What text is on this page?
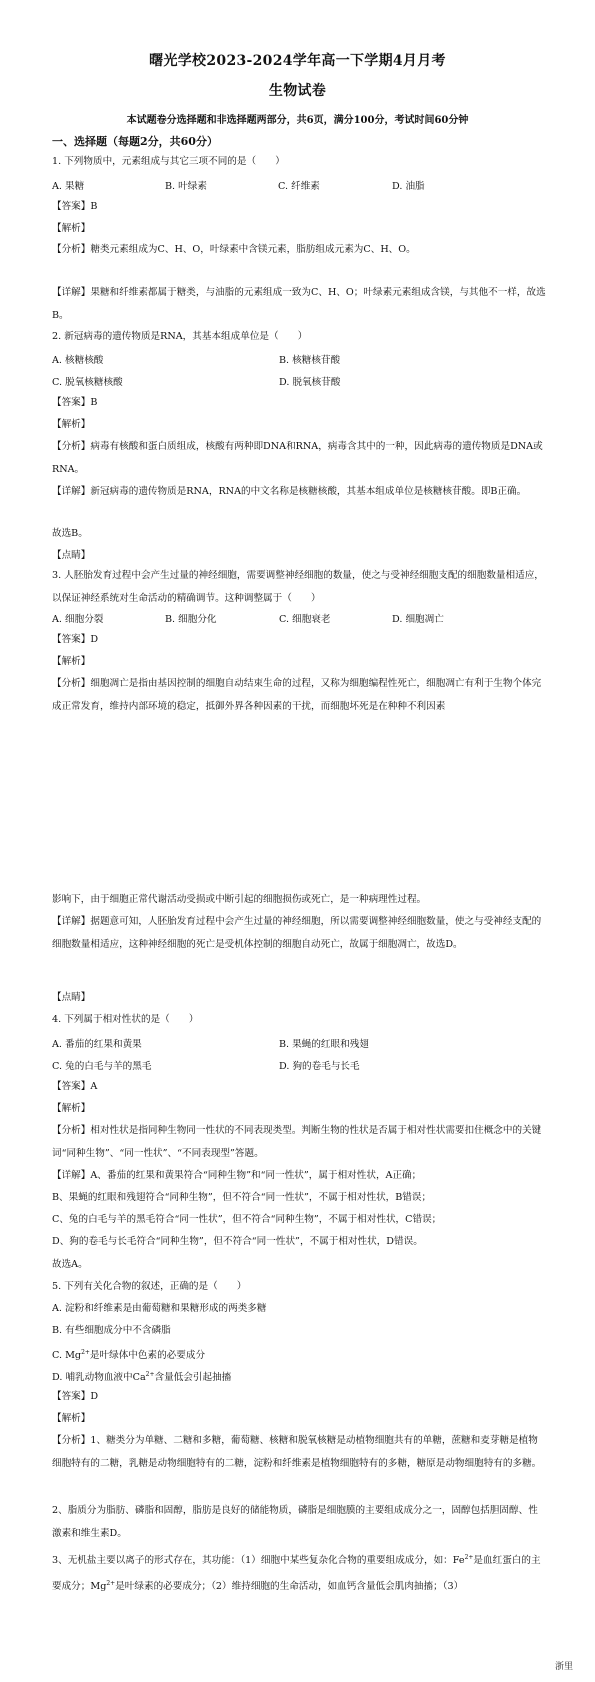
曙光学校2023-2024学年高一下学期4月月考
生物试卷
本试题卷分选择题和非选择题两部分，共6页，满分100分，考试时间60分钟
一、选择题（每题2分，共60分）
1. 下列物质中，元素组成与其它三项不同的是（　　）
A. 果糖	B. 叶绿素	C. 纤维素	D. 油脂
【答案】B
【解析】
【分析】糖类元素组成为C、H、O，叶绿素中含镁元素，脂肪组成元素为C、H、O。
【详解】果糖和纤维素都属于糖类，与油脂的元素组成一致为C、H、O；叶绿素元素组成含镁，与其他不一样，故选B。
2. 新冠病毒的遗传物质是RNA，其基本组成单位是（　　）
A. 核糖核酸	B. 核糖核苷酸
C. 脱氧核糖核酸	D. 脱氧核苷酸
【答案】B
【解析】
【分析】病毒有核酸和蛋白质组成，核酸有两种即DNA和RNA，病毒含其中的一种，因此病毒的遗传物质是DNA或RNA。
【详解】新冠病毒的遗传物质是RNA，RNA的中文名称是核糖核酸，其基本组成单位是核糖核苷酸。即B正确。
故选B。
【点睛】
3. 人胚胎发育过程中会产生过量的神经细胞，需要调整神经细胞的数量，使之与受神经细胞支配的细胞数量相适应，以保证神经系统对生命活动的精确调节。这种调整属于（　　）
A. 细胞分裂	B. 细胞分化	C. 细胞衰老	D. 细胞凋亡
【答案】D
【解析】
【分析】细胞凋亡是指由基因控制的细胞自动结束生命的过程，又称为细胞编程性死亡，细胞凋亡有利于生物个体完成正常发育，维持内部环境的稳定，抵御外界各种因素的干扰，而细胞坏死是在种种不利因素
影响下，由于细胞正常代谢活动受损或中断引起的细胞损伤或死亡，是一种病理性过程。
【详解】据题意可知，人胚胎发育过程中会产生过量的神经细胞，所以需要调整神经细胞数量，使之与受神经支配的细胞数量相适应，这种神经细胞的死亡是受机体控制的细胞自动死亡，故属于细胞凋亡，故选D。
【点睛】
4. 下列属于相对性状的是（　　）
A. 番茄的红果和黄果	B. 果蝇的红眼和残翅
C. 兔的白毛与羊的黑毛	D. 狗的卷毛与长毛
【答案】A
【解析】
【分析】相对性状是指同种生物同一性状的不同表现类型。判断生物的性状是否属于相对性状需要扣住概念中的关键词“同种生物”、“同一性状”、“不同表现型”答题。
【详解】A、番茄的红果和黄果符合“同种生物”和“同一性状”，属于相对性状，A正确；
B、果蝇的红眼和残翅符合“同种生物”，但不符合“同一性状”，不属于相对性状，B错误；
C、兔的白毛与羊的黑毛符合“同一性状”，但不符合“同种生物”，不属于相对性状，C错误；
D、狗的卷毛与长毛符合“同种生物”，但不符合“同一性状”，不属于相对性状，D错误。
故选A。
5. 下列有关化合物的叙述，正确的是（　　）
A. 淀粉和纤维素是由葡萄糖和果糖形成的两类多糖
B. 有些细胞成分中不含磷脂
C. $Mg^{2+}$是叶绿体中色素的必要成分
D. 哺乳动物血液中$Ca^{2+}$含量低会引起抽搐
【答案】D
【解析】
【分析】1、糖类分为单糖、二糖和多糖，葡萄糖、核糖和脱氧核糖是动植物细胞共有的单糖，蔗糖和麦芽糖是植物细胞特有的二糖，乳糖是动物细胞特有的二糖，淀粉和纤维素是植物细胞特有的多糖，糖原是动物细胞特有的多糖。
2、脂质分为脂肪、磷脂和固醇，脂肪是良好的储能物质，磷脂是细胞膜的主要组成成分之一，固醇包括胆固醇、性激素和维生素D。
3、无机盐主要以离子的形式存在，其功能：（1）细胞中某些复杂化合物的重要组成成分，如：$Fe^{2+}$是血红蛋白的主要成分；$Mg^{2+}$是叶绿素的必要成分；（2）维持细胞的生命活动，如血钙含量低会肌肉抽搐；（3）
浙里
